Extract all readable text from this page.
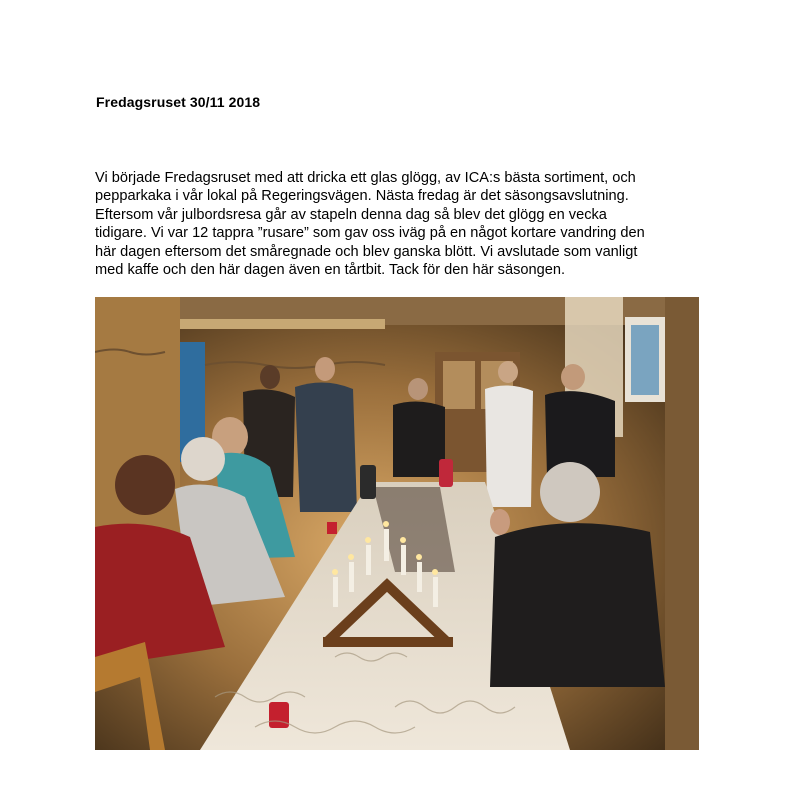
Fredagsruset 30/11 2018
Vi började Fredagsruset med att dricka ett glas glögg, av ICA:s bästa sortiment, och
pepparkaka i vår lokal på Regeringsvägen. Nästa fredag är det säsongsavslutning.
Eftersom vår julbordsresa går av stapeln denna dag så blev det glögg en vecka
tidigare. Vi var 12 tappra ”rusare” som gav oss iväg på en något kortare vandring den
här dagen eftersom det småregnade och blev ganska blött. Vi avslutade som vanligt
med kaffe och den här dagen även en tårtbit. Tack för den här säsongen.
